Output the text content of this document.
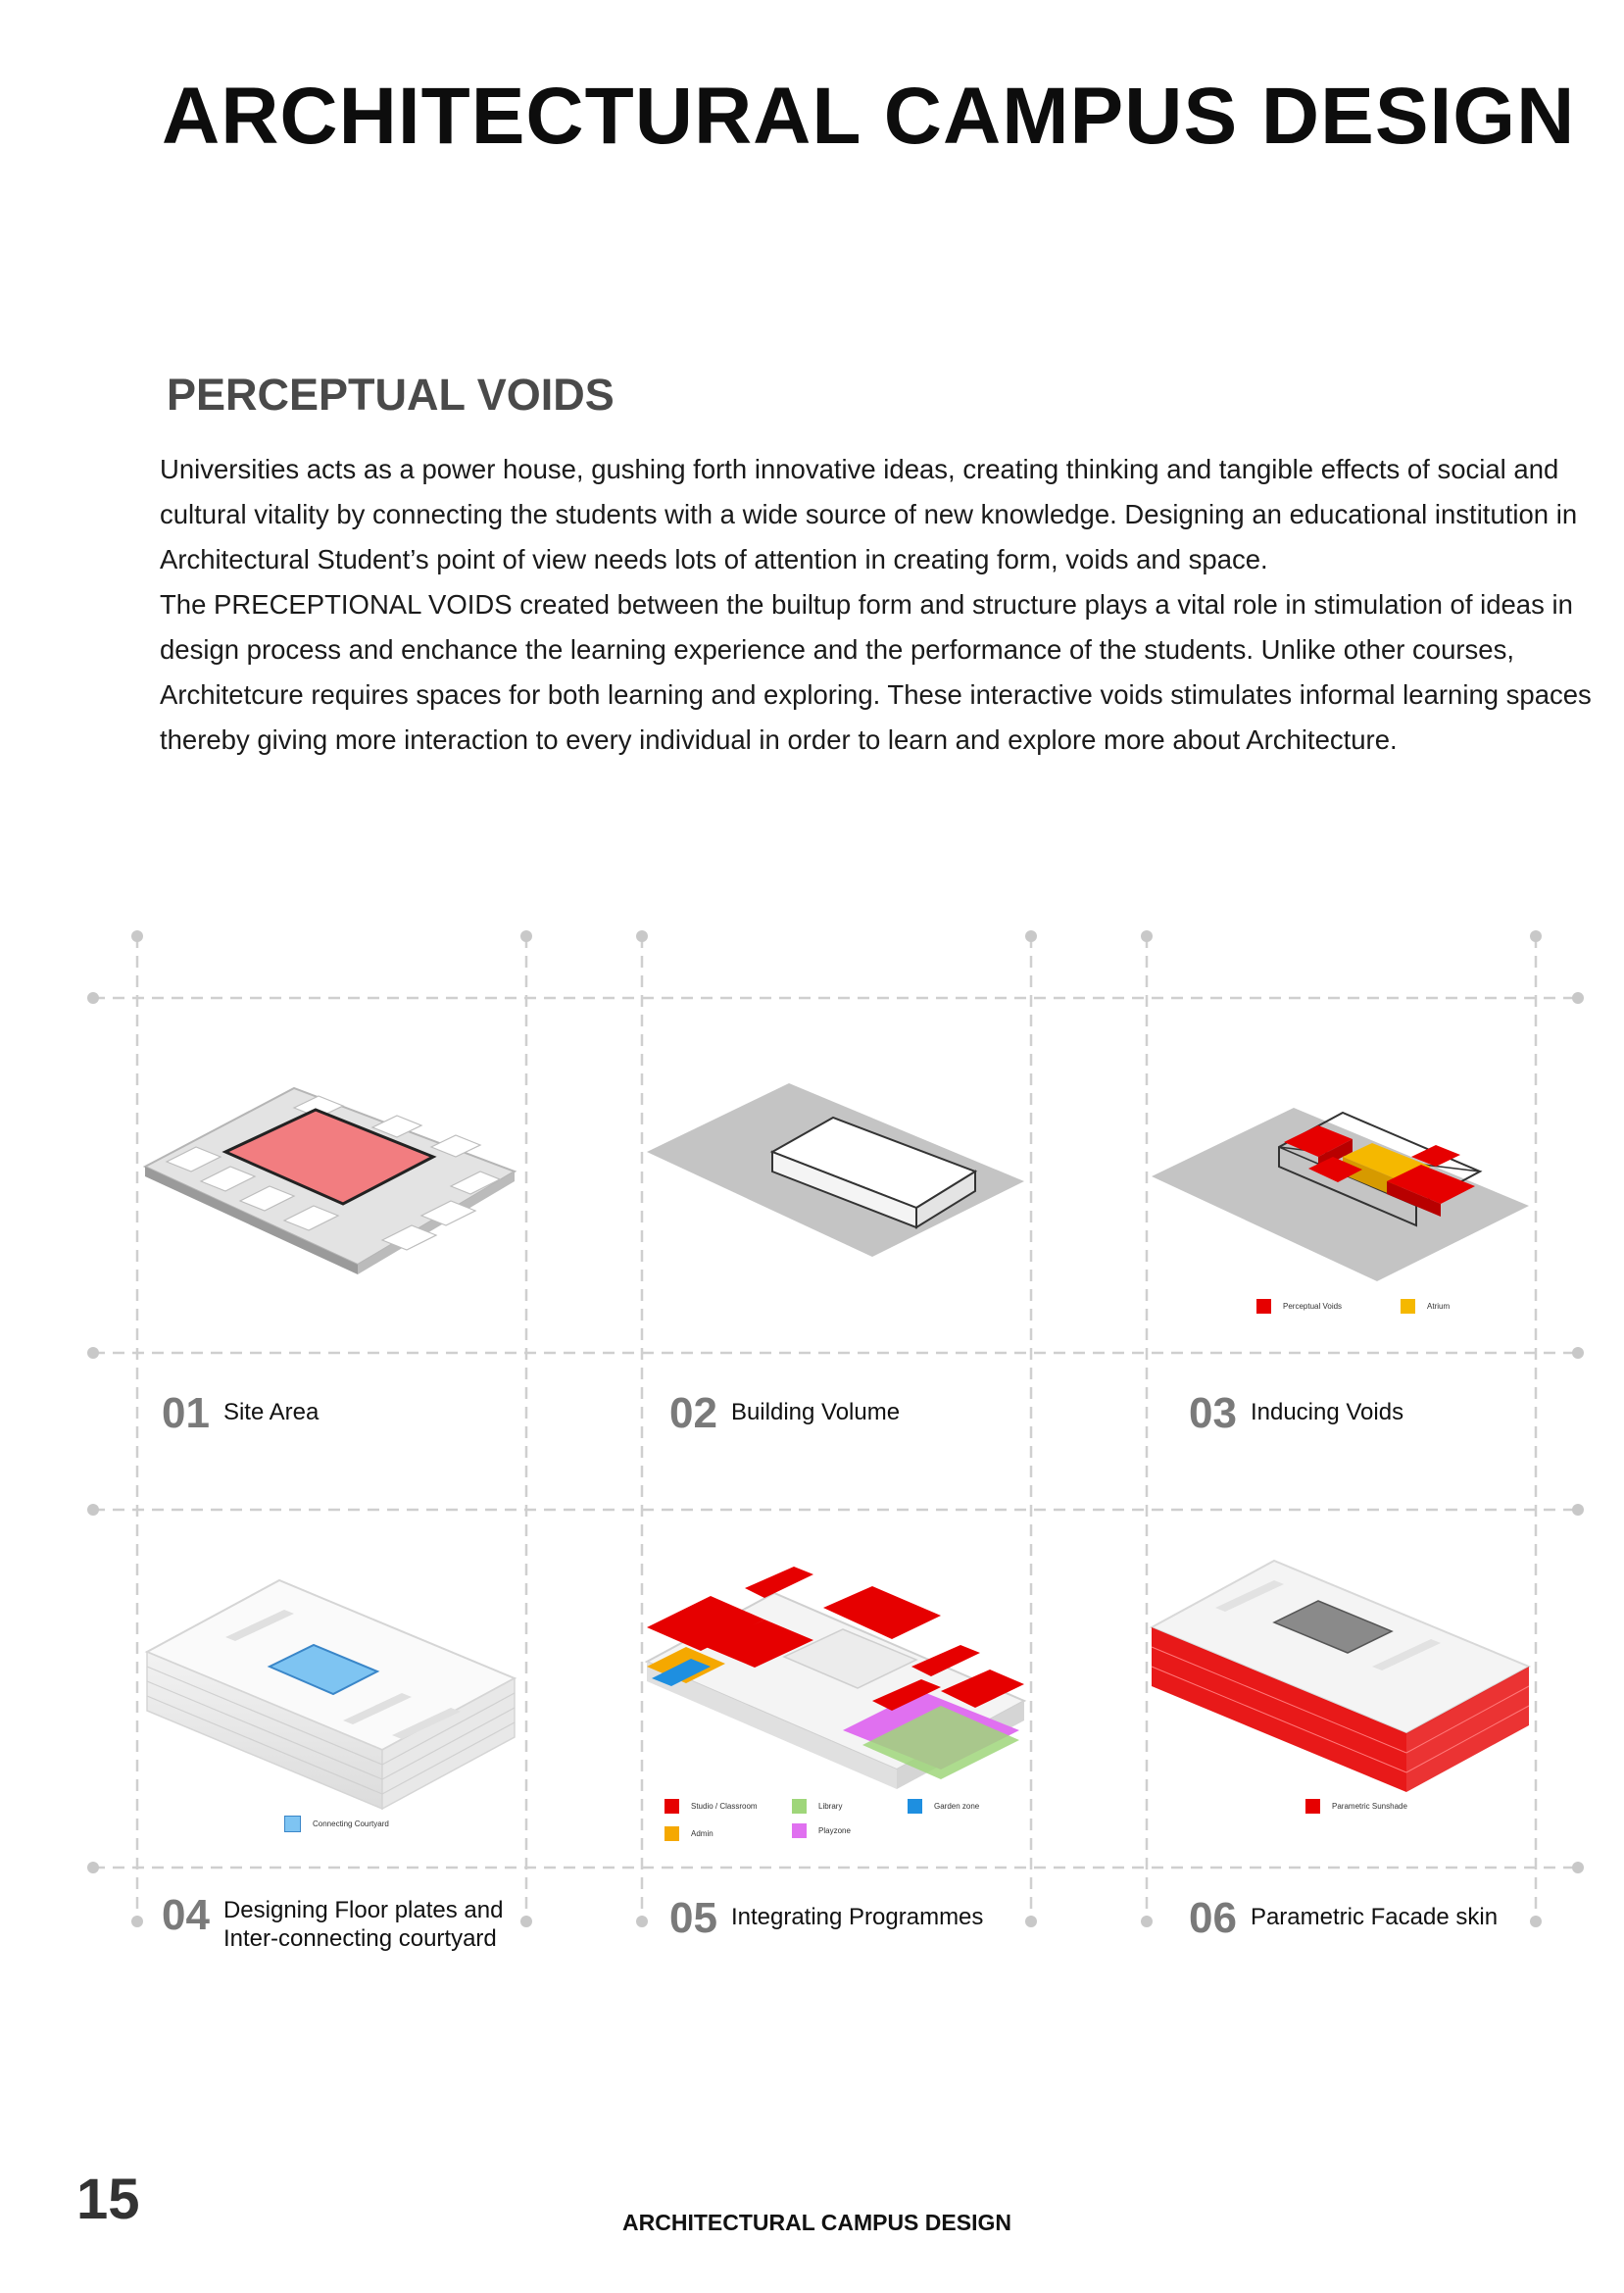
ARCHITECTURAL CAMPUS DESIGN
PERCEPTUAL VOIDS

Universities acts as a power house, gushing forth innovative ideas, creating thinking and tangible effects of social and cultural vitality by connecting the students with a wide source of new knowledge. Designing an educational institution in Architectural Student’s point of view needs lots of attention in creating form, voids and space.

The PRECEPTIONAL VOIDS created between the builtup form and structure plays a vital role in stimulation of ideas in design process and enchance the learning experience and the performance of the students. Unlike other courses, Architetcure requires spaces for both learning and exploring. These interactive voids stimulates informal learning spaces thereby giving more interaction to every individual in order to learn and explore more about Architecture.

Perceptual Voids	Atrium
Connecting Courtyard
Studio / Classroom	Library	Garden zone
Admin	Playzone
Parametric Sunshade
01 Site Area	02 Building Volume	03 Inducing Voids
04 Designing Floor plates and Inter-connecting courtyard	05 Integrating Programmes	06 Parametric Facade skin
15	ARCHITECTURAL CAMPUS DESIGN
